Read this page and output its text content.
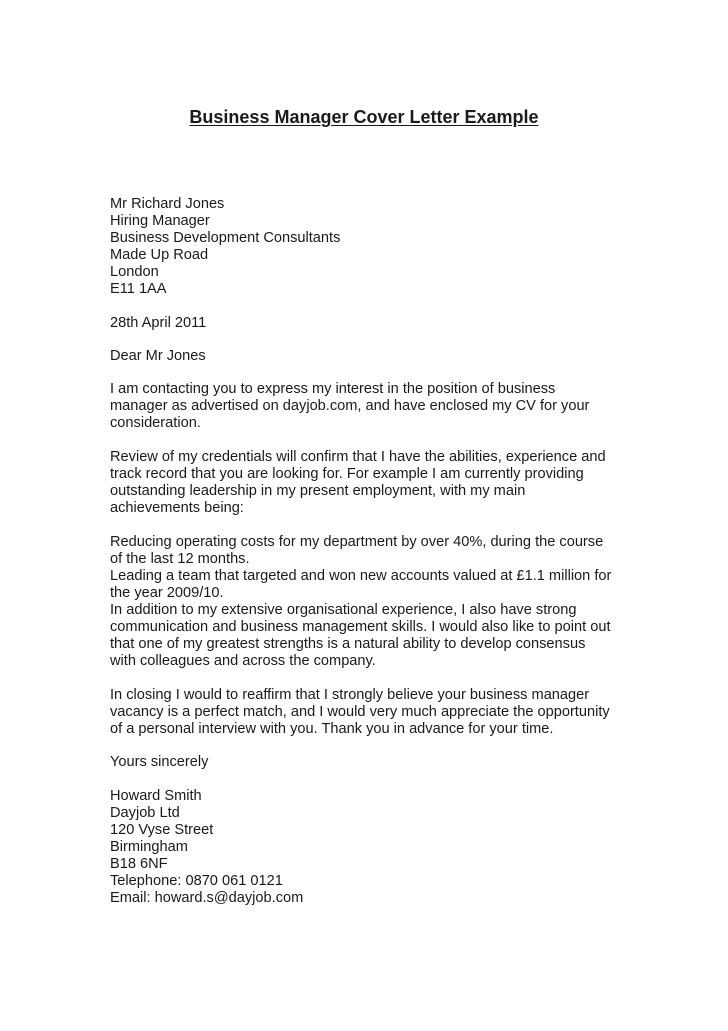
Business Manager Cover Letter Example

Mr Richard Jones

Hiring Manager

Business Development Consultants

Made Up Road

London

E11 1AA

28th April 2011

Dear Mr Jones

I am contacting you to express my interest in the position of business

manager as advertised on dayjob.com, and have enclosed my CV for your

consideration.

Review of my credentials will confirm that I have the abilities, experience and

track record that you are looking for. For example I am currently providing

outstanding leadership in my present employment, with my main

achievements being:

Reducing operating costs for my department by over 40%, during the course

of the last 12 months.

Leading a team that targeted and won new accounts valued at £1.1 million for

the year 2009/10.

In addition to my extensive organisational experience, I also have strong

communication and business management skills. I would also like to point out

that one of my greatest strengths is a natural ability to develop consensus

with colleagues and across the company.

In closing I would to reaffirm that I strongly believe your business manager

vacancy is a perfect match, and I would very much appreciate the opportunity

of a personal interview with you. Thank you in advance for your time.

Yours sincerely

Howard Smith

Dayjob Ltd

120 Vyse Street

Birmingham

B18 6NF

Telephone: 0870 061 0121

Email: howard.s@dayjob.com
